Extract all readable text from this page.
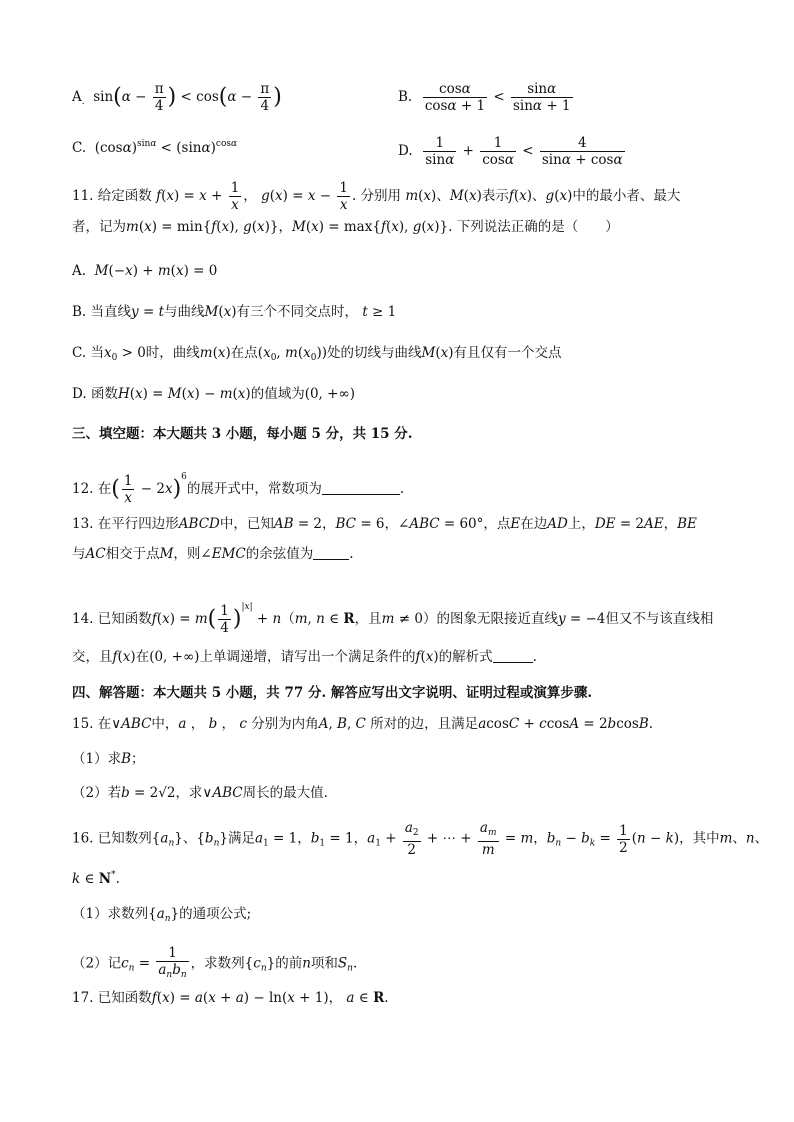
$A_.$  $\sin(\alpha - \frac{\pi}{4}$ ) < $\cos(\alpha - \frac{\pi}{4}$ )	B. $\frac{\cos\alpha}{\cos\alpha + 1} < \frac{\sin\alpha}{\sin\alpha + 1}$
C.  $(\cos\alpha)^{sin\alpha} < (\sin\alpha)^{cos\alpha}$	D. $\frac{1}{\sin\alpha} + \frac{1}{\cos\alpha} < \frac{4}{\sin\alpha + \cos\alpha}$
11. 给定函数 $f(x) = x + \frac{1}{x}$ ， $g(x) = x - \frac{1}{x}$ . 分别用 m(x)、M(x)表示f(x)、g(x)中的最小者、最大
者，记为m(x) = min{f(x), g(x)}，M(x) = max{f(x), g(x)}. 下列说法正确的是（　　）
A. M(−x) + m(x) = 0
B. 当直线y = t与曲线M(x)有三个不同交点时， t ≥ 1
C. 当$x_0 > 0$时，曲线m(x)在点($x_0$, $m(x_0)$)处的切线与曲线M(x)有且仅有一个交点
D. 函数H(x) = M(x) − m(x)的值域为(0, +∞)
三、填空题：本大题共 3 小题，每小题 5 分，共 15 分.
12. 在( $\frac{1}{x} - 2x)^6$的展开式中，常数项为	.
13. 在平行四边形ABCD中，已知AB = 2，BC = 6，∠ABC = 60°，点E在边AD上，DE = 2AE，BE
与AC相交于点M，则∠EMC的余弦值为	.
14. 已知函数$f(x) = m( \frac{1}{4} )^{|x|} + n(m$, n ∈ R，且m ≠ 0）的图象无限接近直线y = −4但又不与该直线相
交，且f(x)在(0, +∞)上单调递增，请写出一个满足条件的f(x)的解析式	.
四、解答题：本大题共 5 小题，共 77 分. 解答应写出文字说明、证明过程或演算步骤.
15. 在∨ABC中，a ， b ， c 分别为内角A, B, C 所对的边，且满足acosC + ccosA = 2bcosB.
（1）求B；
（2）若b = 2√2，求∨ABC周长的最大值.
16. 已知数列$\{a_n\}$、$\{b_n\}$满足$a_1 = 1$，$b_1 = 1$，$a_1 + \frac{a_2}{2}$ + ⋯ + $\frac{a_m}{m} = m$，$b_n - b_k = \frac{1}{2} (n - k)$，其中m、n、
k ∈ N*.
（1）求数列$\{a_n\}$的通项公式;
（2）记$c_n = \frac{1}{a_nb_n}$ ，求数列$\{c_n\}$的前n项和$S_n$.
17. 已知函数f(x) = a(x + a) − ln(x + 1)， a ∈ R.
